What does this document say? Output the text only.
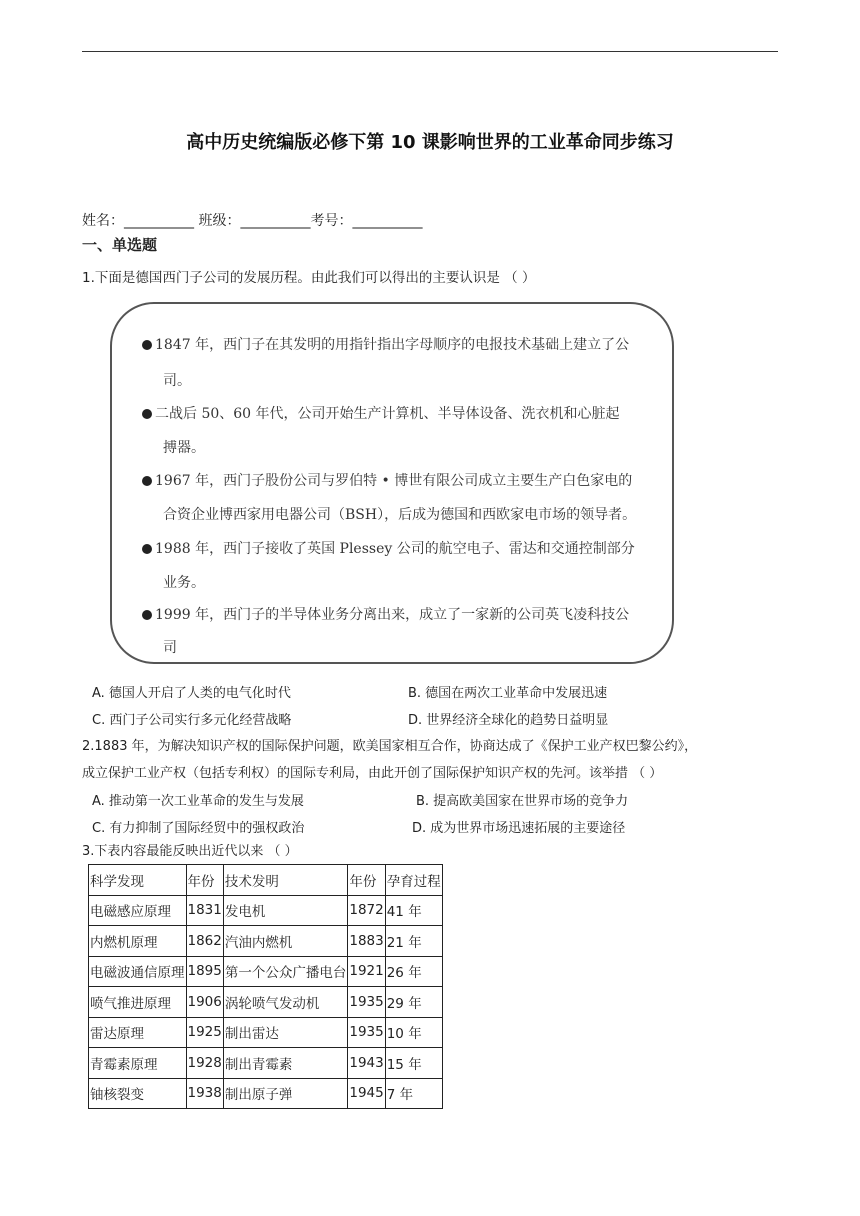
高中历史统编版必修下第 10 课影响世界的工业革命同步练习
姓名：__________ 班级：__________考号：__________
一、单选题
1.下面是德国西门子公司的发展历程。由此我们可以得出的主要认识是 （ ）
1847 年，西门子在其发明的用指针指出字母顺序的电报技术基础上建立了公
司。
二战后 50、60 年代，公司开始生产计算机、半导体设备、洗衣机和心脏起
搏器。
1967 年，西门子股份公司与罗伯特 • 博世有限公司成立主要生产白色家电的
合资企业博西家用电器公司（BSH），后成为德国和西欧家电市场的领导者。
1988 年，西门子接收了英国 Plessey 公司的航空电子、雷达和交通控制部分
业务。
1999 年，西门子的半导体业务分离出来，成立了一家新的公司英飞凌科技公
司
A. 德国人开启了人类的电气化时代	B. 德国在两次工业革命中发展迅速
C. 西门子公司实行多元化经营战略	D. 世界经济全球化的趋势日益明显
2.1883 年，为解决知识产权的国际保护问题，欧美国家相互合作，协商达成了《保护工业产权巴黎公约》，
成立保护工业产权（包括专利权）的国际专利局，由此开创了国际保护知识产权的先河。该举措 （ ）
A. 推动第一次工业革命的发生与发展	B. 提高欧美国家在世界市场的竞争力
C. 有力抑制了国际经贸中的强权政治	D. 成为世界市场迅速拓展的主要途径
3.下表内容最能反映出近代以来 （ ）
科学发现	年份	技术发明	年份	孕育过程
电磁感应原理	1831	发电机	1872	41 年
内燃机原理	1862	汽油内燃机	1883	21 年
电磁波通信原理	1895	第一个公众广播电台	1921	26 年
喷气推进原理	1906	涡轮喷气发动机	1935	29 年
雷达原理	1925	制出雷达	1935	10 年
青霉素原理	1928	制出青霉素	1943	15 年
铀核裂变	1938	制出原子弹	1945	7 年
